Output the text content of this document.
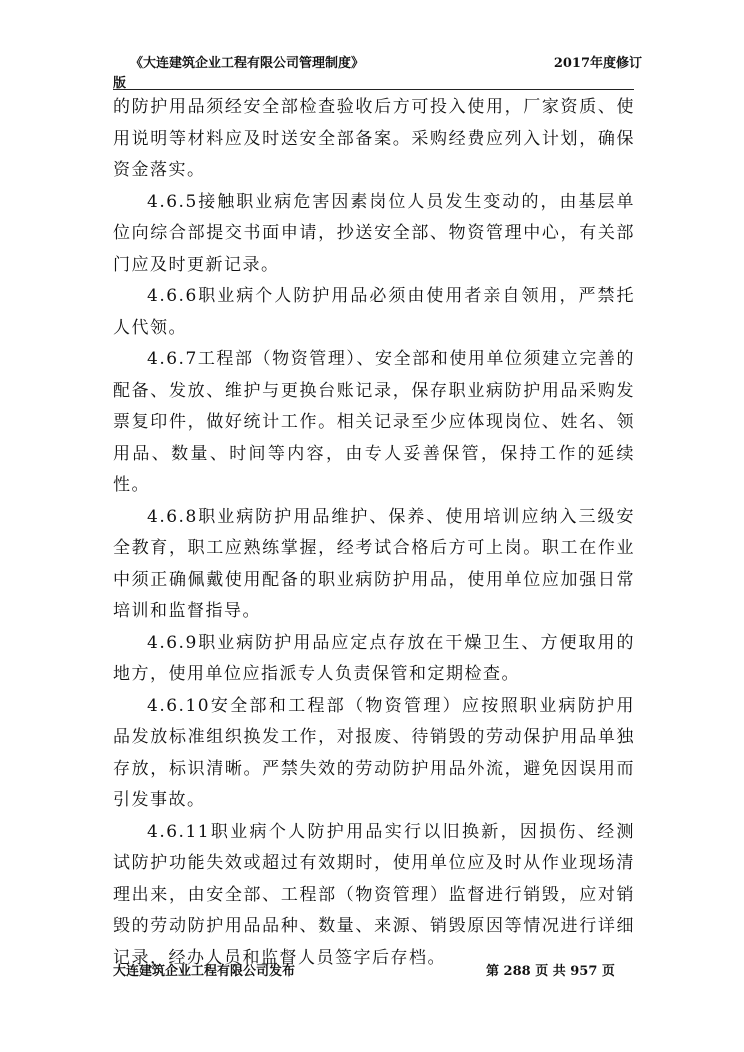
《大连建筑企业工程有限公司管理制度》	2017年度修订
版

的防护用品须经安全部检查验收后方可投入使用，厂家资质、使用说明等材料应及时送安全部备案。采购经费应列入计划，确保资金落实。

4.6.5接触职业病危害因素岗位人员发生变动的，由基层单位向综合部提交书面申请，抄送安全部、物资管理中心，有关部门应及时更新记录。

4.6.6职业病个人防护用品必须由使用者亲自领用，严禁托人代领。

4.6.7工程部（物资管理）、安全部和使用单位须建立完善的配备、发放、维护与更换台账记录，保存职业病防护用品采购发票复印件，做好统计工作。相关记录至少应体现岗位、姓名、领用品、数量、时间等内容，由专人妥善保管，保持工作的延续性。

4.6.8职业病防护用品维护、保养、使用培训应纳入三级安全教育，职工应熟练掌握，经考试合格后方可上岗。职工在作业中须正确佩戴使用配备的职业病防护用品，使用单位应加强日常培训和监督指导。

4.6.9职业病防护用品应定点存放在干燥卫生、方便取用的地方，使用单位应指派专人负责保管和定期检查。

4.6.10安全部和工程部（物资管理）应按照职业病防护用品发放标准组织换发工作，对报废、待销毁的劳动保护用品单独存放，标识清晰。严禁失效的劳动防护用品外流，避免因误用而引发事故。

4.6.11职业病个人防护用品实行以旧换新，因损伤、经测试防护功能失效或超过有效期时，使用单位应及时从作业现场清理出来，由安全部、工程部（物资管理）监督进行销毁，应对销毁的劳动防护用品品种、数量、来源、销毁原因等情况进行详细记录，经办人员和监督人员签字后存档。

大连建筑企业工程有限公司发布	第 288 页 共 957 页
